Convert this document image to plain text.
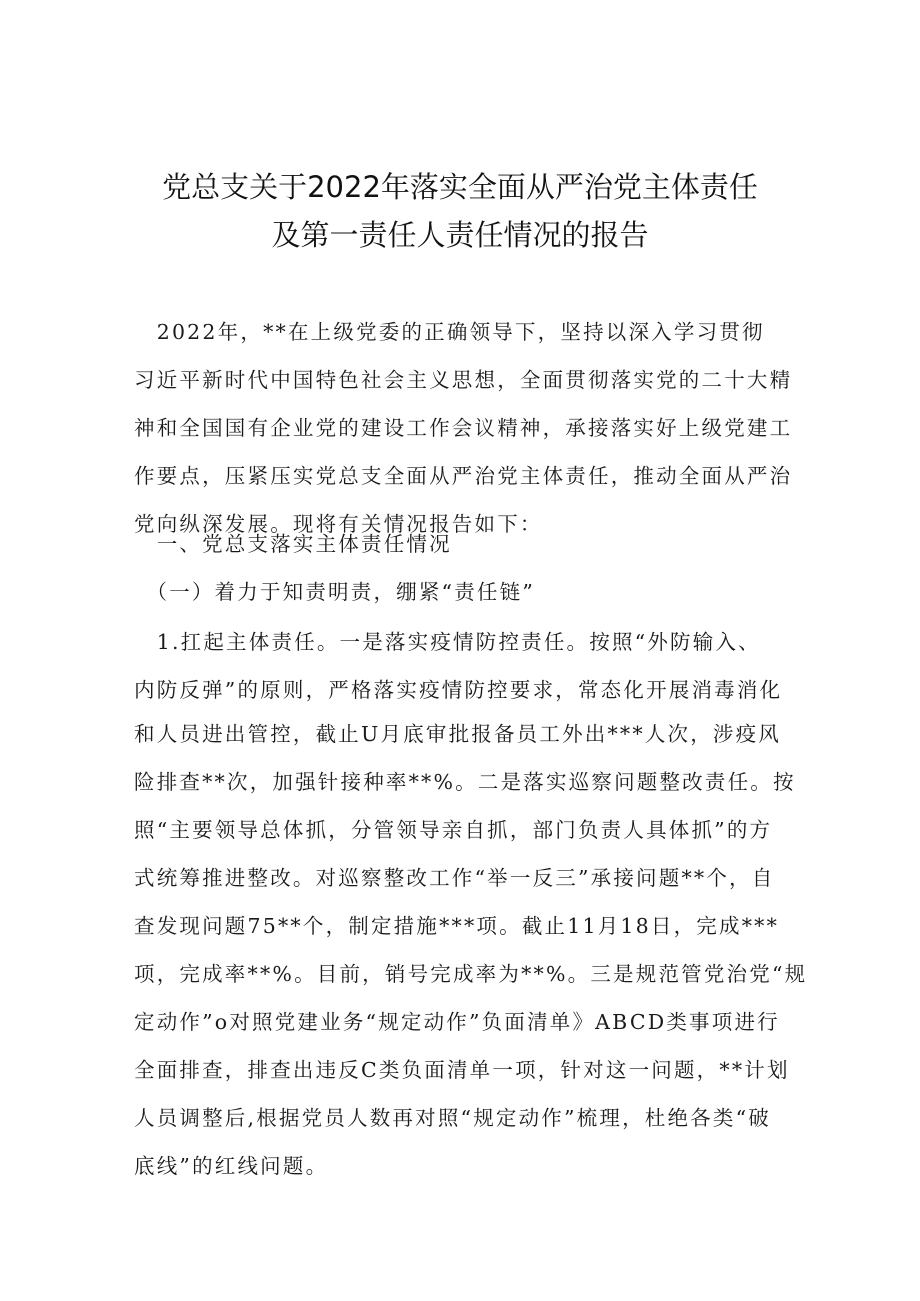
党总支关于2022年落实全面从严治党主体责任
及第一责任人责任情况的报告
　2022年，**在上级党委的正确领导下，坚持以深入学习贯彻
习近平新时代中国特色社会主义思想，全面贯彻落实党的二十大精
神和全国国有企业党的建设工作会议精神，承接落实好上级党建工
作要点，压紧压实党总支全面从严治党主体责任，推动全面从严治
党向纵深发展。现将有关情况报告如下：
　一、党总支落实主体责任情况
　（一）着力于知责明责，绷紧“责任链”
　1.扛起主体责任。一是落实疫情防控责任。按照“外防输入、
内防反弹”的原则，严格落实疫情防控要求，常态化开展消毒消化
和人员进出管控，截止U月底审批报备员工外出***人次，涉疫风
险排查**次，加强针接种率**%。二是落实巡察问题整改责任。按
照“主要领导总体抓，分管领导亲自抓，部门负责人具体抓”的方
式统筹推进整改。对巡察整改工作“举一反三”承接问题**个，自
查发现问题75**个，制定措施***项。截止11月18日，完成***
项，完成率**%。目前，销号完成率为**%。三是规范管党治党“规
定动作”o对照党建业务“规定动作”负面清单》ABCD类事项进行
全面排查，排查出违反C类负面清单一项，针对这一问题，**计划
人员调整后,根据党员人数再对照“规定动作”梳理，杜绝各类“破
底线”的红线问题。
